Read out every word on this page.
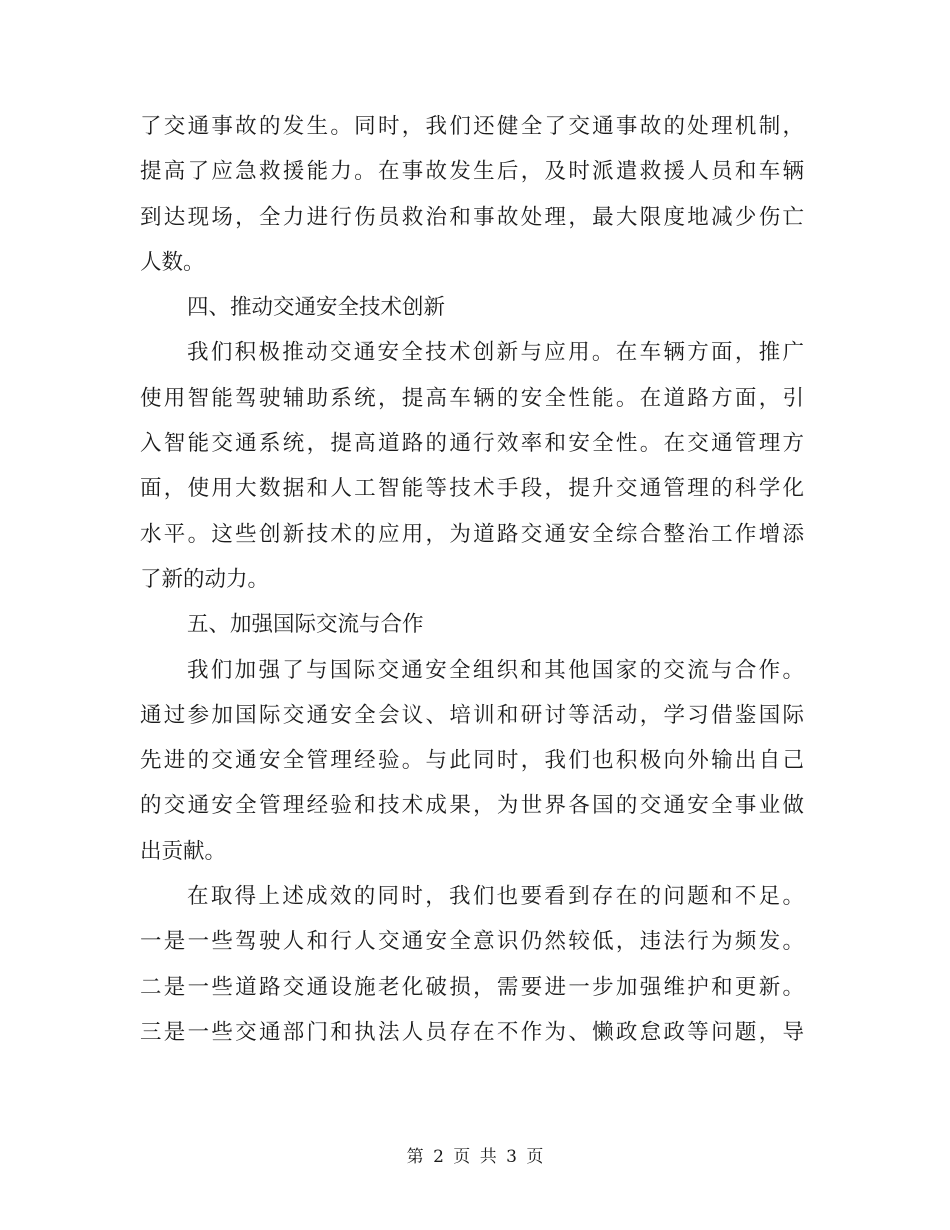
了交通事故的发生。同时，我们还健全了交通事故的处理机制，
提高了应急救援能力。在事故发生后，及时派遣救援人员和车辆
到达现场，全力进行伤员救治和事故处理，最大限度地减少伤亡
人数。
四、推动交通安全技术创新
我们积极推动交通安全技术创新与应用。在车辆方面，推广
使用智能驾驶辅助系统，提高车辆的安全性能。在道路方面，引
入智能交通系统，提高道路的通行效率和安全性。在交通管理方
面，使用大数据和人工智能等技术手段，提升交通管理的科学化
水平。这些创新技术的应用，为道路交通安全综合整治工作增添
了新的动力。
五、加强国际交流与合作
我们加强了与国际交通安全组织和其他国家的交流与合作。
通过参加国际交通安全会议、培训和研讨等活动，学习借鉴国际
先进的交通安全管理经验。与此同时，我们也积极向外输出自己
的交通安全管理经验和技术成果，为世界各国的交通安全事业做
出贡献。
在取得上述成效的同时，我们也要看到存在的问题和不足。
一是一些驾驶人和行人交通安全意识仍然较低，违法行为频发。
二是一些道路交通设施老化破损，需要进一步加强维护和更新。
三是一些交通部门和执法人员存在不作为、懒政怠政等问题，导
第 2 页 共 3 页
